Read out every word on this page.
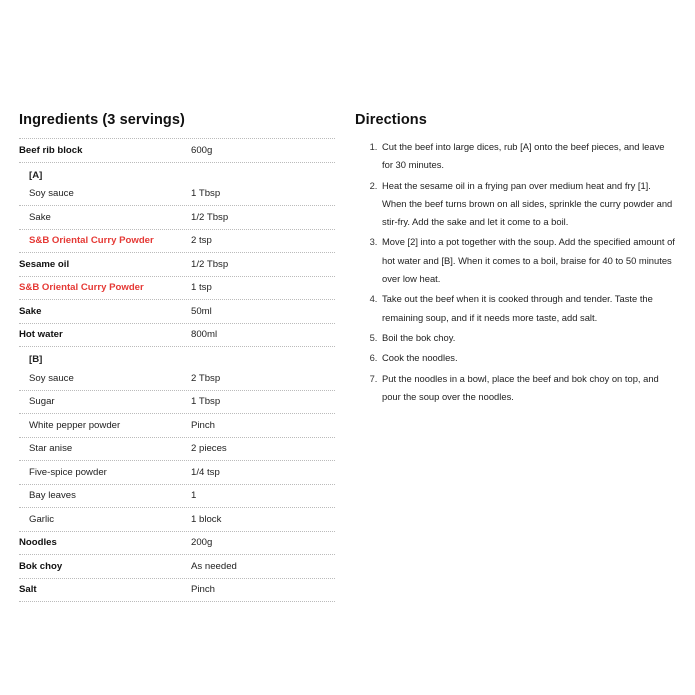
Ingredients (3 servings)
Beef rib block	600g
[A]
Soy sauce	1 Tbsp
Sake	1/2 Tbsp
S&B Oriental Curry Powder	2 tsp
Sesame oil	1/2 Tbsp
S&B Oriental Curry Powder	1 tsp
Sake	50ml
Hot water	800ml
[B]
Soy sauce	2 Tbsp
Sugar	1 Tbsp
White pepper powder	Pinch
Star anise	2 pieces
Five-spice powder	1/4 tsp
Bay leaves	1
Garlic	1 block
Noodles	200g
Bok choy	As needed
Salt	Pinch
Directions
1. Cut the beef into large dices, rub [A] onto the beef pieces, and leave for 30 minutes.
2. Heat the sesame oil in a frying pan over medium heat and fry [1]. When the beef turns brown on all sides, sprinkle the curry powder and stir-fry. Add the sake and let it come to a boil.
3. Move [2] into a pot together with the soup. Add the specified amount of hot water and [B]. When it comes to a boil, braise for 40 to 50 minutes over low heat.
4. Take out the beef when it is cooked through and tender. Taste the remaining soup, and if it needs more taste, add salt.
5. Boil the bok choy.
6. Cook the noodles.
7. Put the noodles in a bowl, place the beef and bok choy on top, and pour the soup over the noodles.
